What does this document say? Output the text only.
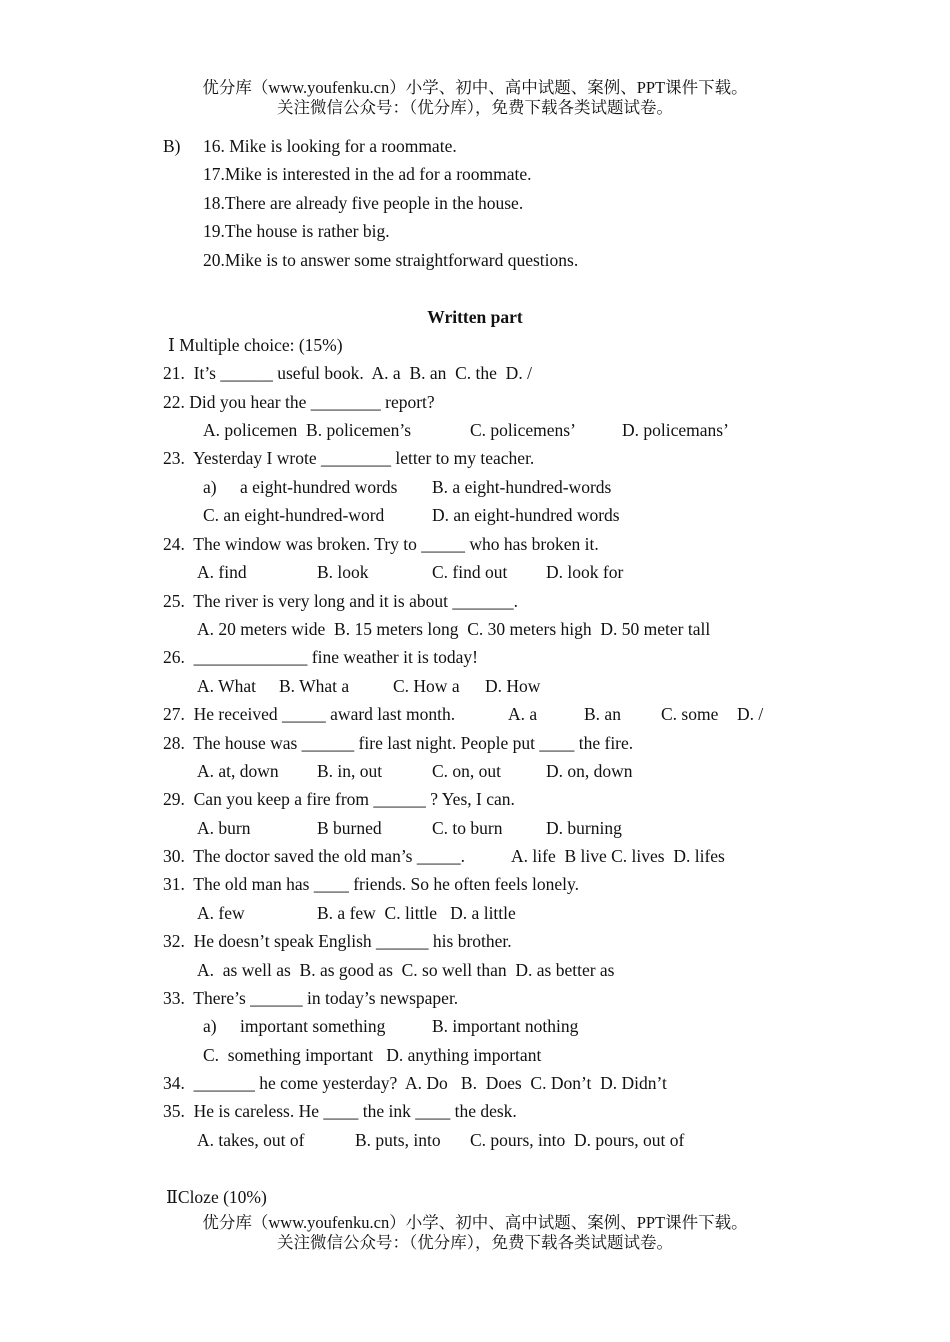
优分库（www.youfenku.cn）小学、初中、高中试题、案例、PPT课件下载。
关注微信公众号：（优分库），免费下载各类试题试卷。
B) 16. Mike is looking for a roommate.
17.Mike is interested in the ad for a roommate.
18.There are already five people in the house.
19.The house is rather big.
20.Mike is to answer some straightforward questions.
Written part
Ⅰ Multiple choice: (15%)
21.  It’s ______ useful book.  A. a  B. an  C. the  D. /
22. Did you hear the ________ report?
A. policemen  B. policemen’s	C. policemens’	D. policemans’
23.  Yesterday I wrote ________ letter to my teacher.
a) a eight-hundred words B. a eight-hundred-words
C. an eight-hundred-word	D. an eight-hundred words
24.  The window was broken. Try to _____ who has broken it.
A. find	B. look	C. find out D. look for
25.  The river is very long and it is about _______.
A. 20 meters wide  B. 15 meters long  C. 30 meters high  D. 50 meter tall
26.  _____________ fine weather it is today!
A. What B. What a	C. How a D. How
27.  He received _____ award last month.	A. a	B. an C. some D. /
28.  The house was ______ fire last night. People put ____ the fire.
A. at, down B. in, out	C. on, out	D. on, down
29.  Can you keep a fire from ______ ? Yes, I can.
A. burn	B burned	C. to burn D. burning
30.  The doctor saved the old man’s _____.	A. life  B live C. lives  D. lifes
31.  The old man has ____ friends. So he often feels lonely.
A. few	B. a few  C. little   D. a little
32.  He doesn’t speak English ______ his brother.
A.  as well as  B. as good as  C. so well than  D. as better as
33.  There’s ______ in today’s newspaper.
a) important something	B. important nothing
C.  something important   D. anything important
34.  _______ he come yesterday?  A. Do   B.  Does  C. Don’t  D. Didn’t
35.  He is careless. He ____ the ink ____ the desk.
A. takes, out of	B. puts, into C. pours, into  D. pours, out of
ⅡCloze (10%)
优分库（www.youfenku.cn）小学、初中、高中试题、案例、PPT课件下载。
关注微信公众号：（优分库），免费下载各类试题试卷。
